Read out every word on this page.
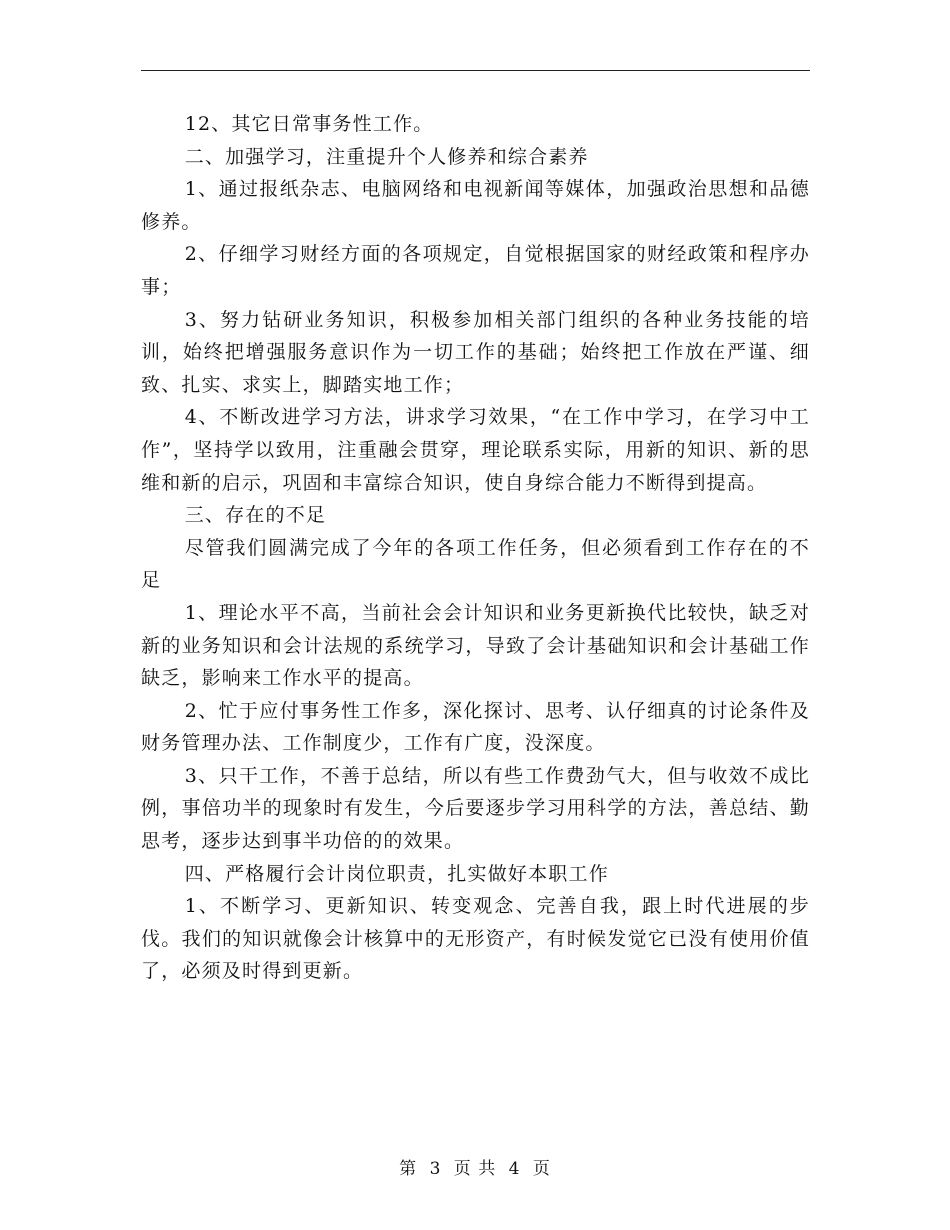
12、其它日常事务性工作。

二、加强学习，注重提升个人修养和综合素养

1、通过报纸杂志、电脑网络和电视新闻等媒体，加强政治思想和品德修养。

2、仔细学习财经方面的各项规定，自觉根据国家的财经政策和程序办事；

3、努力钻研业务知识，积极参加相关部门组织的各种业务技能的培训，始终把增强服务意识作为一切工作的基础；始终把工作放在严谨、细致、扎实、求实上，脚踏实地工作；

4、不断改进学习方法，讲求学习效果，“在工作中学习，在学习中工作”，坚持学以致用，注重融会贯穿，理论联系实际，用新的知识、新的思维和新的启示，巩固和丰富综合知识，使自身综合能力不断得到提高。

三、存在的不足

尽管我们圆满完成了今年的各项工作任务，但必须看到工作存在的不足

1、理论水平不高，当前社会会计知识和业务更新换代比较快，缺乏对新的业务知识和会计法规的系统学习，导致了会计基础知识和会计基础工作缺乏，影响来工作水平的提高。

2、忙于应付事务性工作多，深化探讨、思考、认仔细真的讨论条件及财务管理办法、工作制度少，工作有广度，没深度。

3、只干工作，不善于总结，所以有些工作费劲气大，但与收效不成比例，事倍功半的现象时有发生，今后要逐步学习用科学的方法，善总结、勤思考，逐步达到事半功倍的的效果。

四、严格履行会计岗位职责，扎实做好本职工作

1、不断学习、更新知识、转变观念、完善自我，跟上时代进展的步伐。我们的知识就像会计核算中的无形资产，有时候发觉它已没有使用价值了，必须及时得到更新。

第 3 页 共 4 页
